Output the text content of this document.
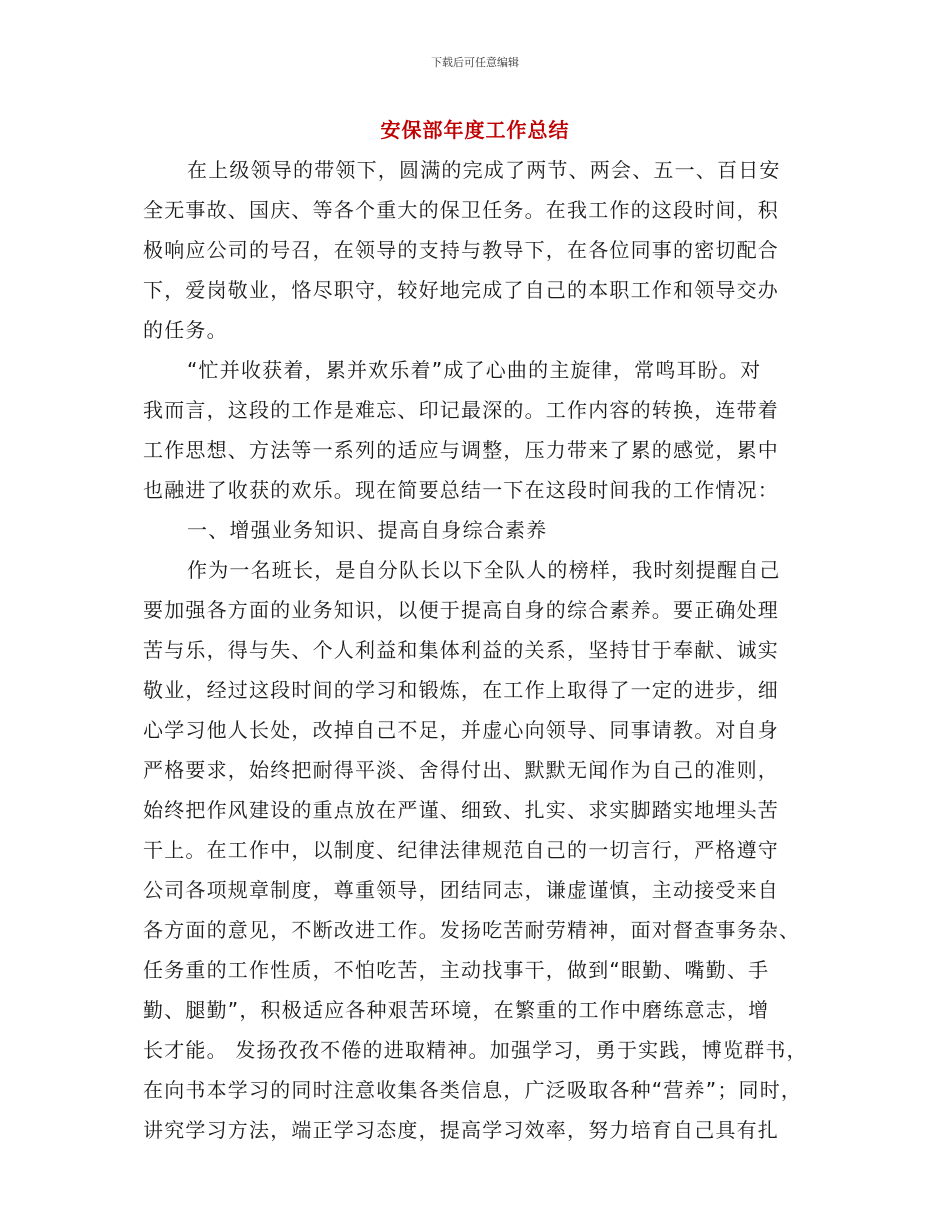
下载后可任意编辑
安保部年度工作总结
在上级领导的带领下，圆满的完成了两节、两会、五一、百日安
全无事故、国庆、等各个重大的保卫任务。在我工作的这段时间，积
极响应公司的号召，在领导的支持与教导下，在各位同事的密切配合
下，爱岗敬业，恪尽职守，较好地完成了自己的本职工作和领导交办
的任务。
“忙并收获着，累并欢乐着”成了心曲的主旋律，常鸣耳盼。对
我而言，这段的工作是难忘、印记最深的。工作内容的转换，连带着
工作思想、方法等一系列的适应与调整，压力带来了累的感觉，累中
也融进了收获的欢乐。现在简要总结一下在这段时间我的工作情况：
一、增强业务知识、提高自身综合素养
作为一名班长，是自分队长以下全队人的榜样，我时刻提醒自己
要加强各方面的业务知识，以便于提高自身的综合素养。要正确处理
苦与乐，得与失、个人利益和集体利益的关系，坚持甘于奉献、诚实
敬业，经过这段时间的学习和锻炼，在工作上取得了一定的进步，细
心学习他人长处，改掉自己不足，并虚心向领导、同事请教。对自身
严格要求，始终把耐得平淡、舍得付出、默默无闻作为自己的准则，
始终把作风建设的重点放在严谨、细致、扎实、求实脚踏实地埋头苦
干上。在工作中，以制度、纪律法律规范自己的一切言行，严格遵守
公司各项规章制度，尊重领导，团结同志，谦虚谨慎，主动接受来自
各方面的意见，不断改进工作。发扬吃苦耐劳精神，面对督查事务杂、
任务重的工作性质，不怕吃苦，主动找事干，做到“眼勤、嘴勤、手
勤、腿勤”，积极适应各种艰苦环境，在繁重的工作中磨练意志，增
长才能。 发扬孜孜不倦的进取精神。加强学习，勇于实践，博览群书，
在向书本学习的同时注意收集各类信息，广泛吸取各种“营养”；同时，
讲究学习方法，端正学习态度，提高学习效率，努力培育自己具有扎
